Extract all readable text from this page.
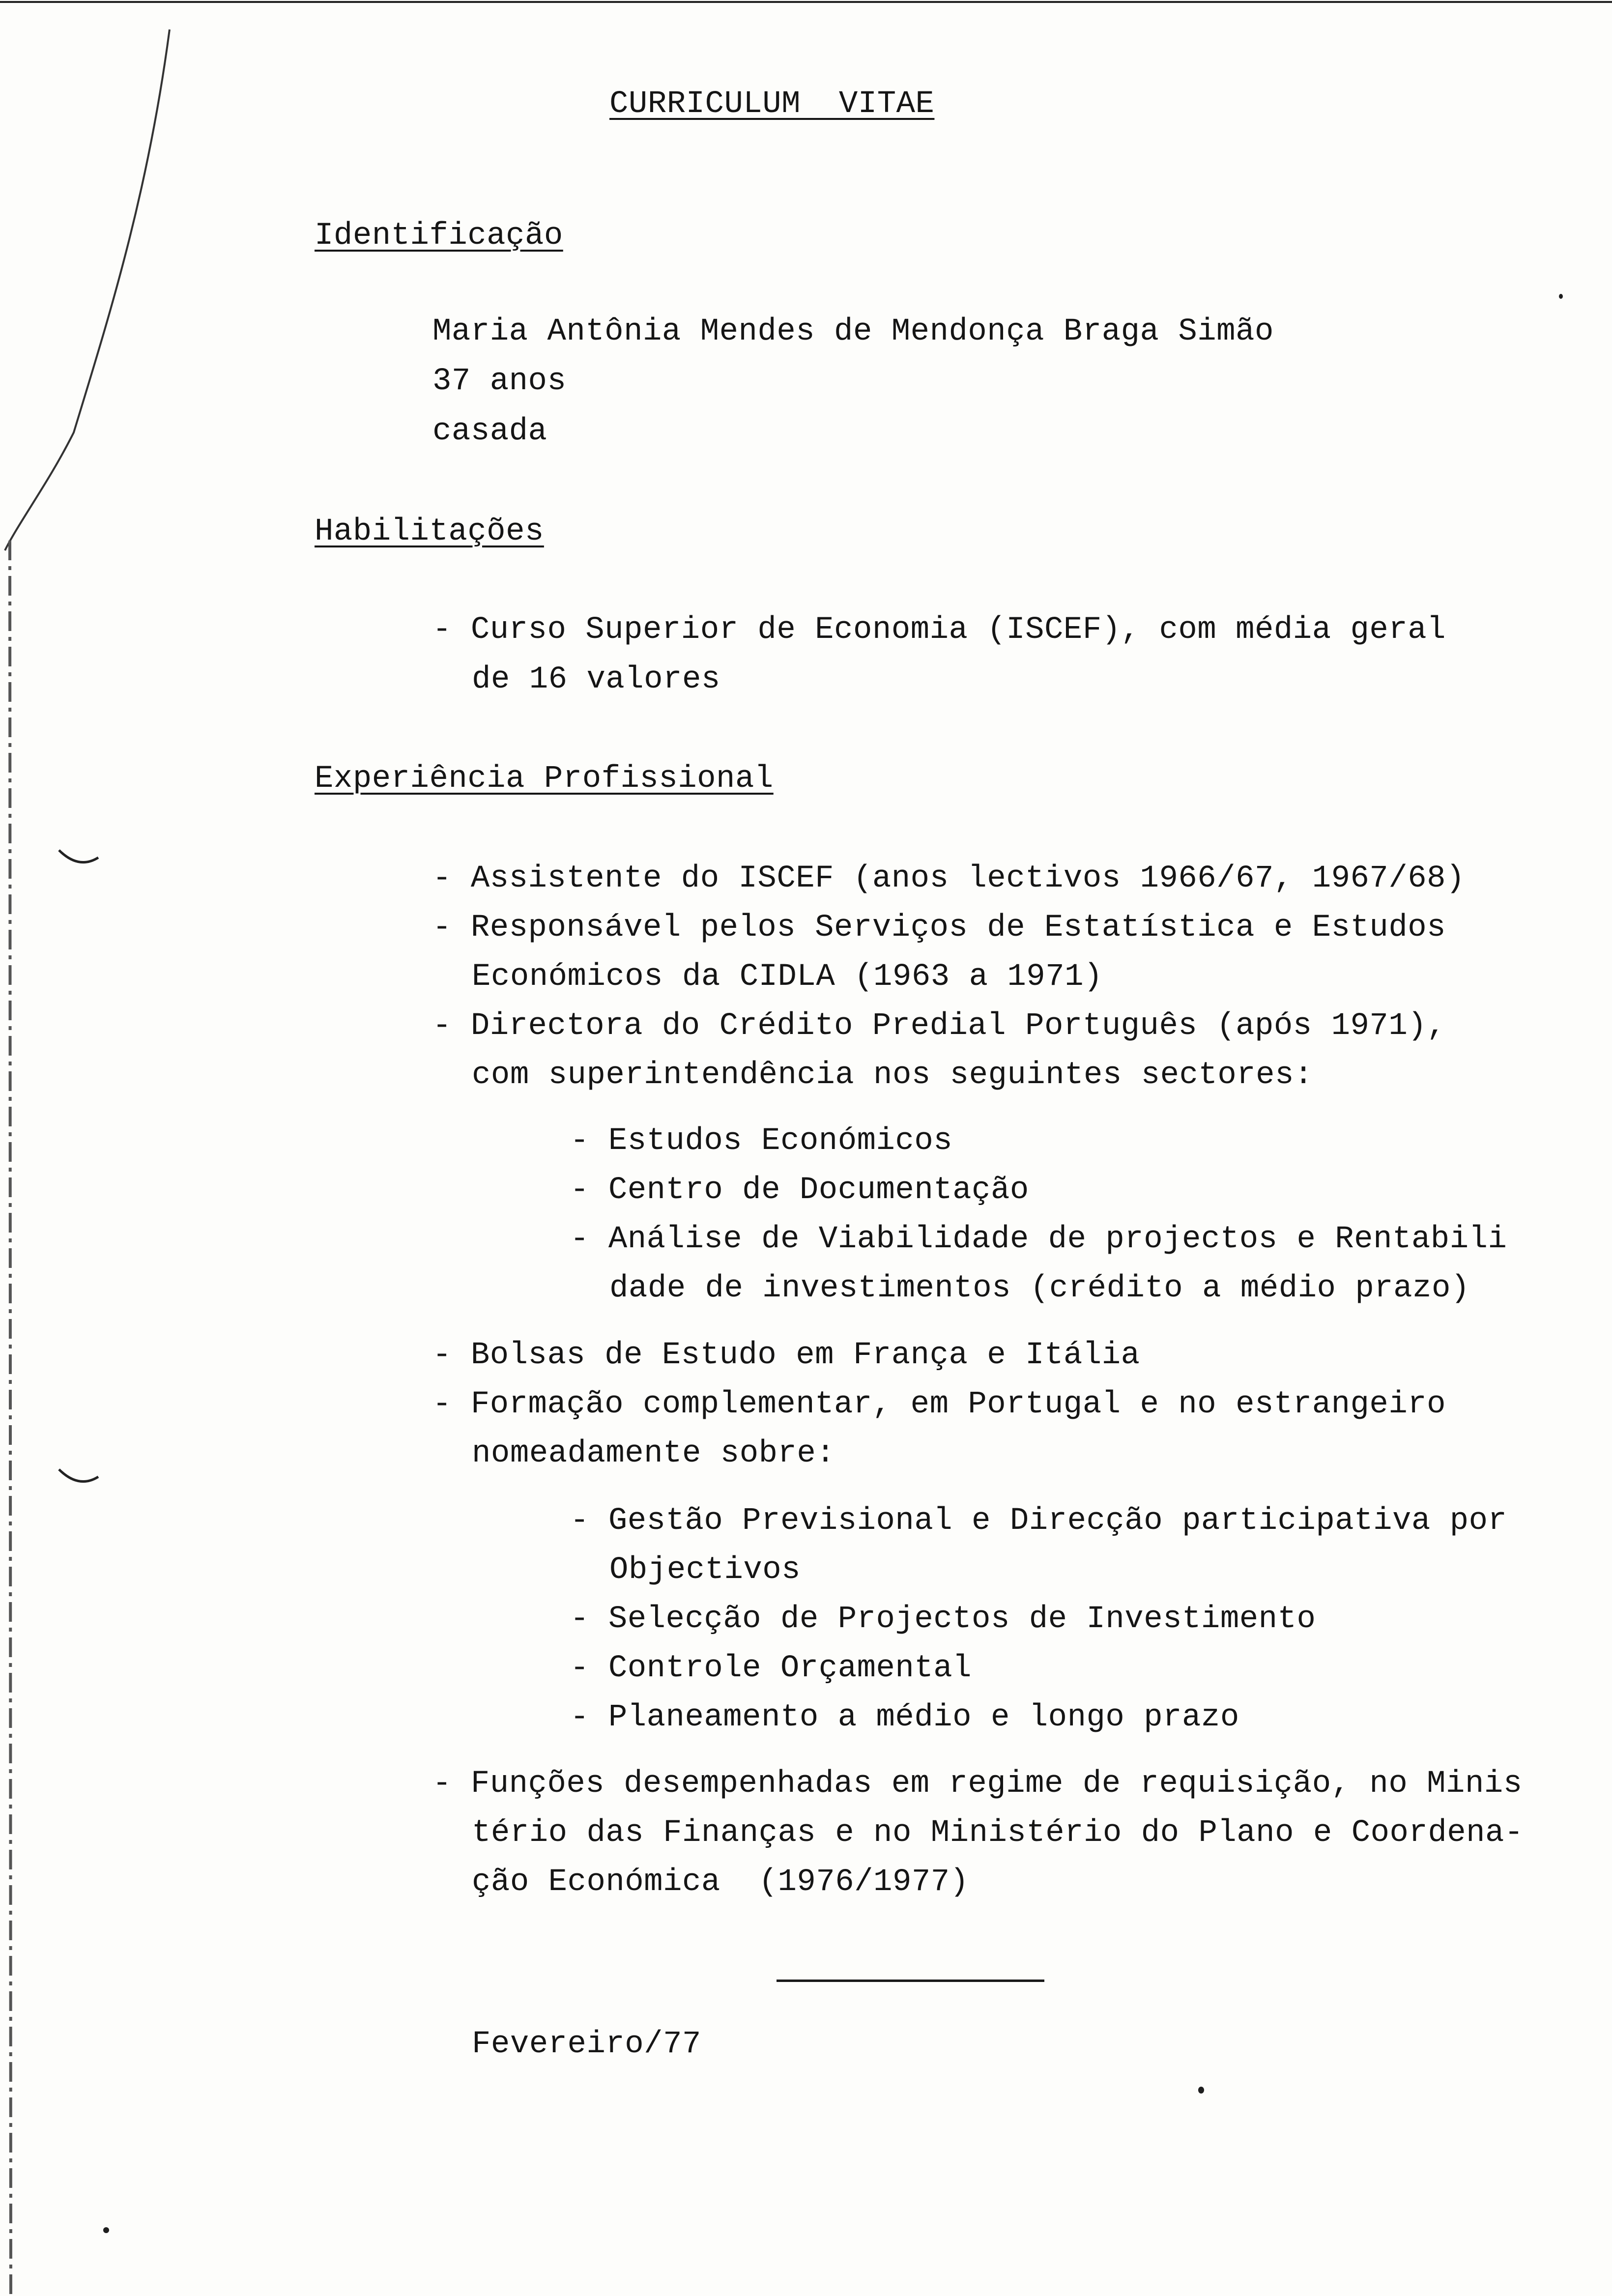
CURRICULUM  VITAE
Identificação
Maria Antônia Mendes de Mendonça Braga Simão
37 anos
casada
Habilitações
- Curso Superior de Economia (ISCEF), com média geral
de 16 valores
Experiência Profissional
- Assistente do ISCEF (anos lectivos 1966/67, 1967/68)
- Responsável pelos Serviços de Estatística e Estudos
Económicos da CIDLA (1963 a 1971)
- Directora do Crédito Predial Português (após 1971),
com superintendência nos seguintes sectores:
- Estudos Económicos
- Centro de Documentação
- Análise de Viabilidade de projectos e Rentabili
dade de investimentos (crédito a médio prazo)
- Bolsas de Estudo em França e Itália
- Formação complementar, em Portugal e no estrangeiro
nomeadamente sobre:
- Gestão Previsional e Direcção participativa por
Objectivos
- Selecção de Projectos de Investimento
- Controle Orçamental
- Planeamento a médio e longo prazo
- Funções desempenhadas em regime de requisição, no Minis
tério das Finanças e no Ministério do Plano e Coordena-
ção Económica  (1976/1977)
Fevereiro/77
